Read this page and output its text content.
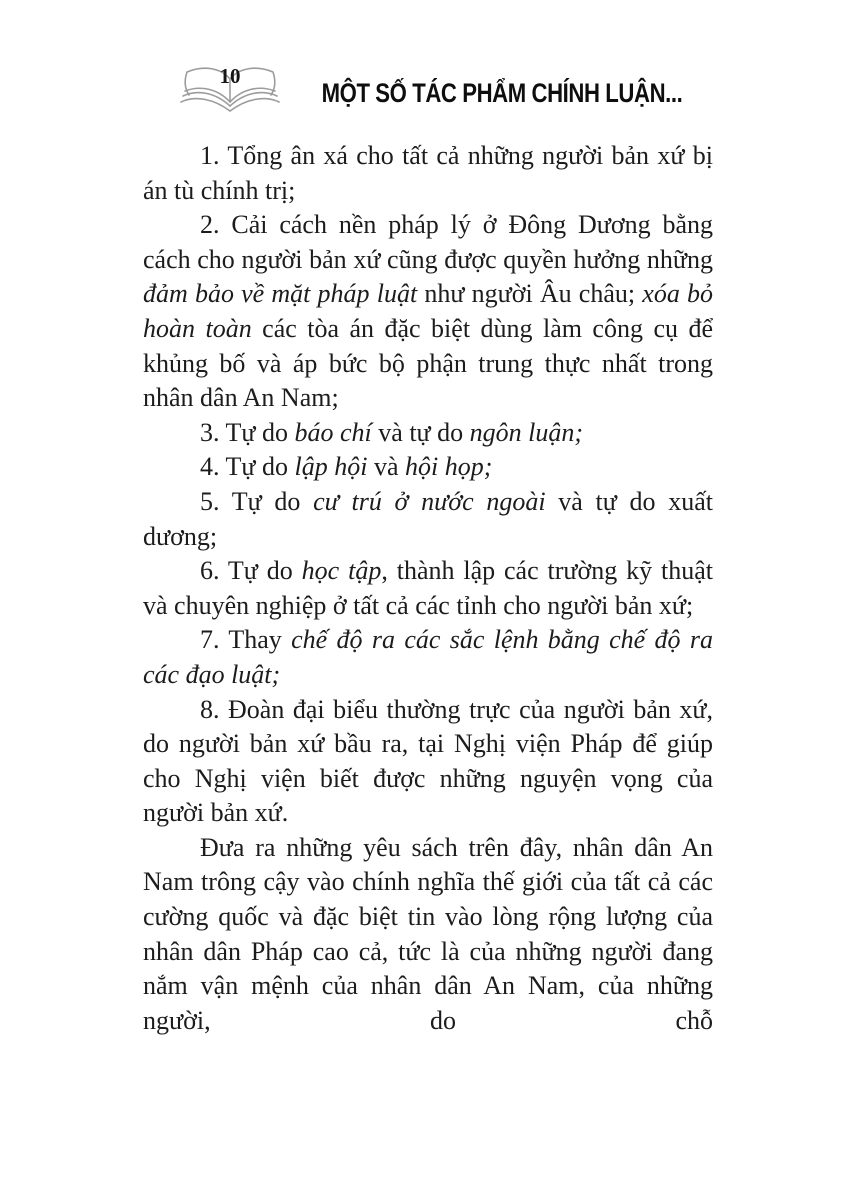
10
MỘT SỐ TÁC PHẨM CHÍNH LUẬN...

1. Tổng ân xá cho tất cả những người bản xứ bị án tù chính trị;

2. Cải cách nền pháp lý ở Đông Dương bằng cách cho người bản xứ cũng được quyền hưởng những đảm bảo về mặt pháp luật như người Âu châu; xóa bỏ hoàn toàn các tòa án đặc biệt dùng làm công cụ để khủng bố và áp bức bộ phận trung thực nhất trong nhân dân An Nam;

3. Tự do báo chí và tự do ngôn luận;

4. Tự do lập hội và hội họp;

5. Tự do cư trú ở nước ngoài và tự do xuất dương;

6. Tự do học tập, thành lập các trường kỹ thuật và chuyên nghiệp ở tất cả các tỉnh cho người bản xứ;

7. Thay chế độ ra các sắc lệnh bằng chế độ ra các đạo luật;

8. Đoàn đại biểu thường trực của người bản xứ, do người bản xứ bầu ra, tại Nghị viện Pháp để giúp cho Nghị viện biết được những nguyện vọng của người bản xứ.

Đưa ra những yêu sách trên đây, nhân dân An Nam trông cậy vào chính nghĩa thế giới của tất cả các cường quốc và đặc biệt tin vào lòng rộng lượng của nhân dân Pháp cao cả, tức là của những người đang nắm vận mệnh của nhân dân An Nam, của những người, do chỗ
